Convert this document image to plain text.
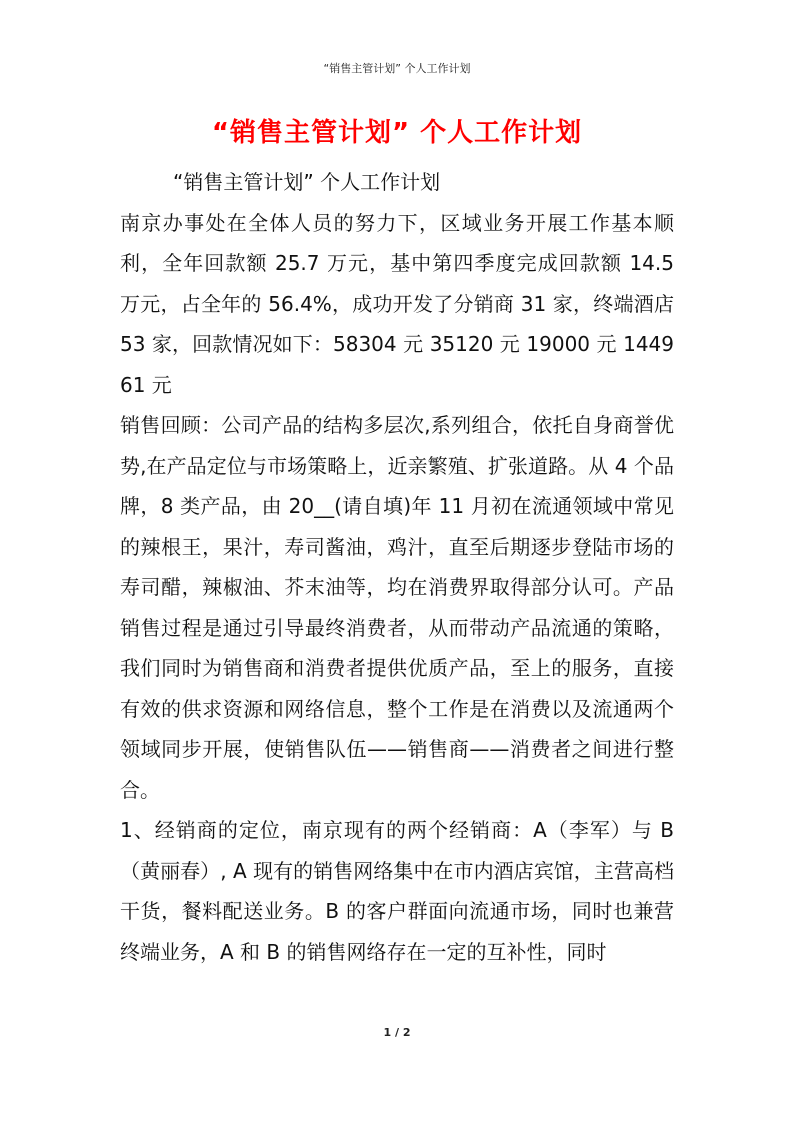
“销售主管计划” 个人工作计划
“销售主管计划” 个人工作计划

“销售主管计划” 个人工作计划

南京办事处在全体人员的努力下，区域业务开展工作基本顺利，全年回款额 25.7 万元，基中第四季度完成回款额 14.5 万元，占全年的 56.4%，成功开发了分销商 31 家，终端酒店 53 家，回款情况如下：58304 元 35120 元 19000 元 144961 元

销售回顾：公司产品的结构多层次,系列组合，依托自身商誉优势,在产品定位与市场策略上，近亲繁殖、扩张道路。从 4 个品牌，8 类产品，由 20__(请自填)年 11 月初在流通领域中常见的辣根王，果汁，寿司酱油，鸡汁，直至后期逐步登陆市场的寿司醋，辣椒油、芥末油等，均在消费界取得部分认可。产品销售过程是通过引导最终消费者，从而带动产品流通的策略，我们同时为销售商和消费者提供优质产品，至上的服务，直接有效的供求资源和网络信息，整个工作是在消费以及流通两个领域同步开展，使销售队伍——销售商——消费者之间进行整合。

1、经销商的定位，南京现有的两个经销商：A（李军）与 B（黄丽春）, A 现有的销售网络集中在市内酒店宾馆，主营高档干货，餐料配送业务。B 的客户群面向流通市场，同时也兼营终端业务，A 和 B 的销售网络存在一定的互补性，同时

1 / 2
